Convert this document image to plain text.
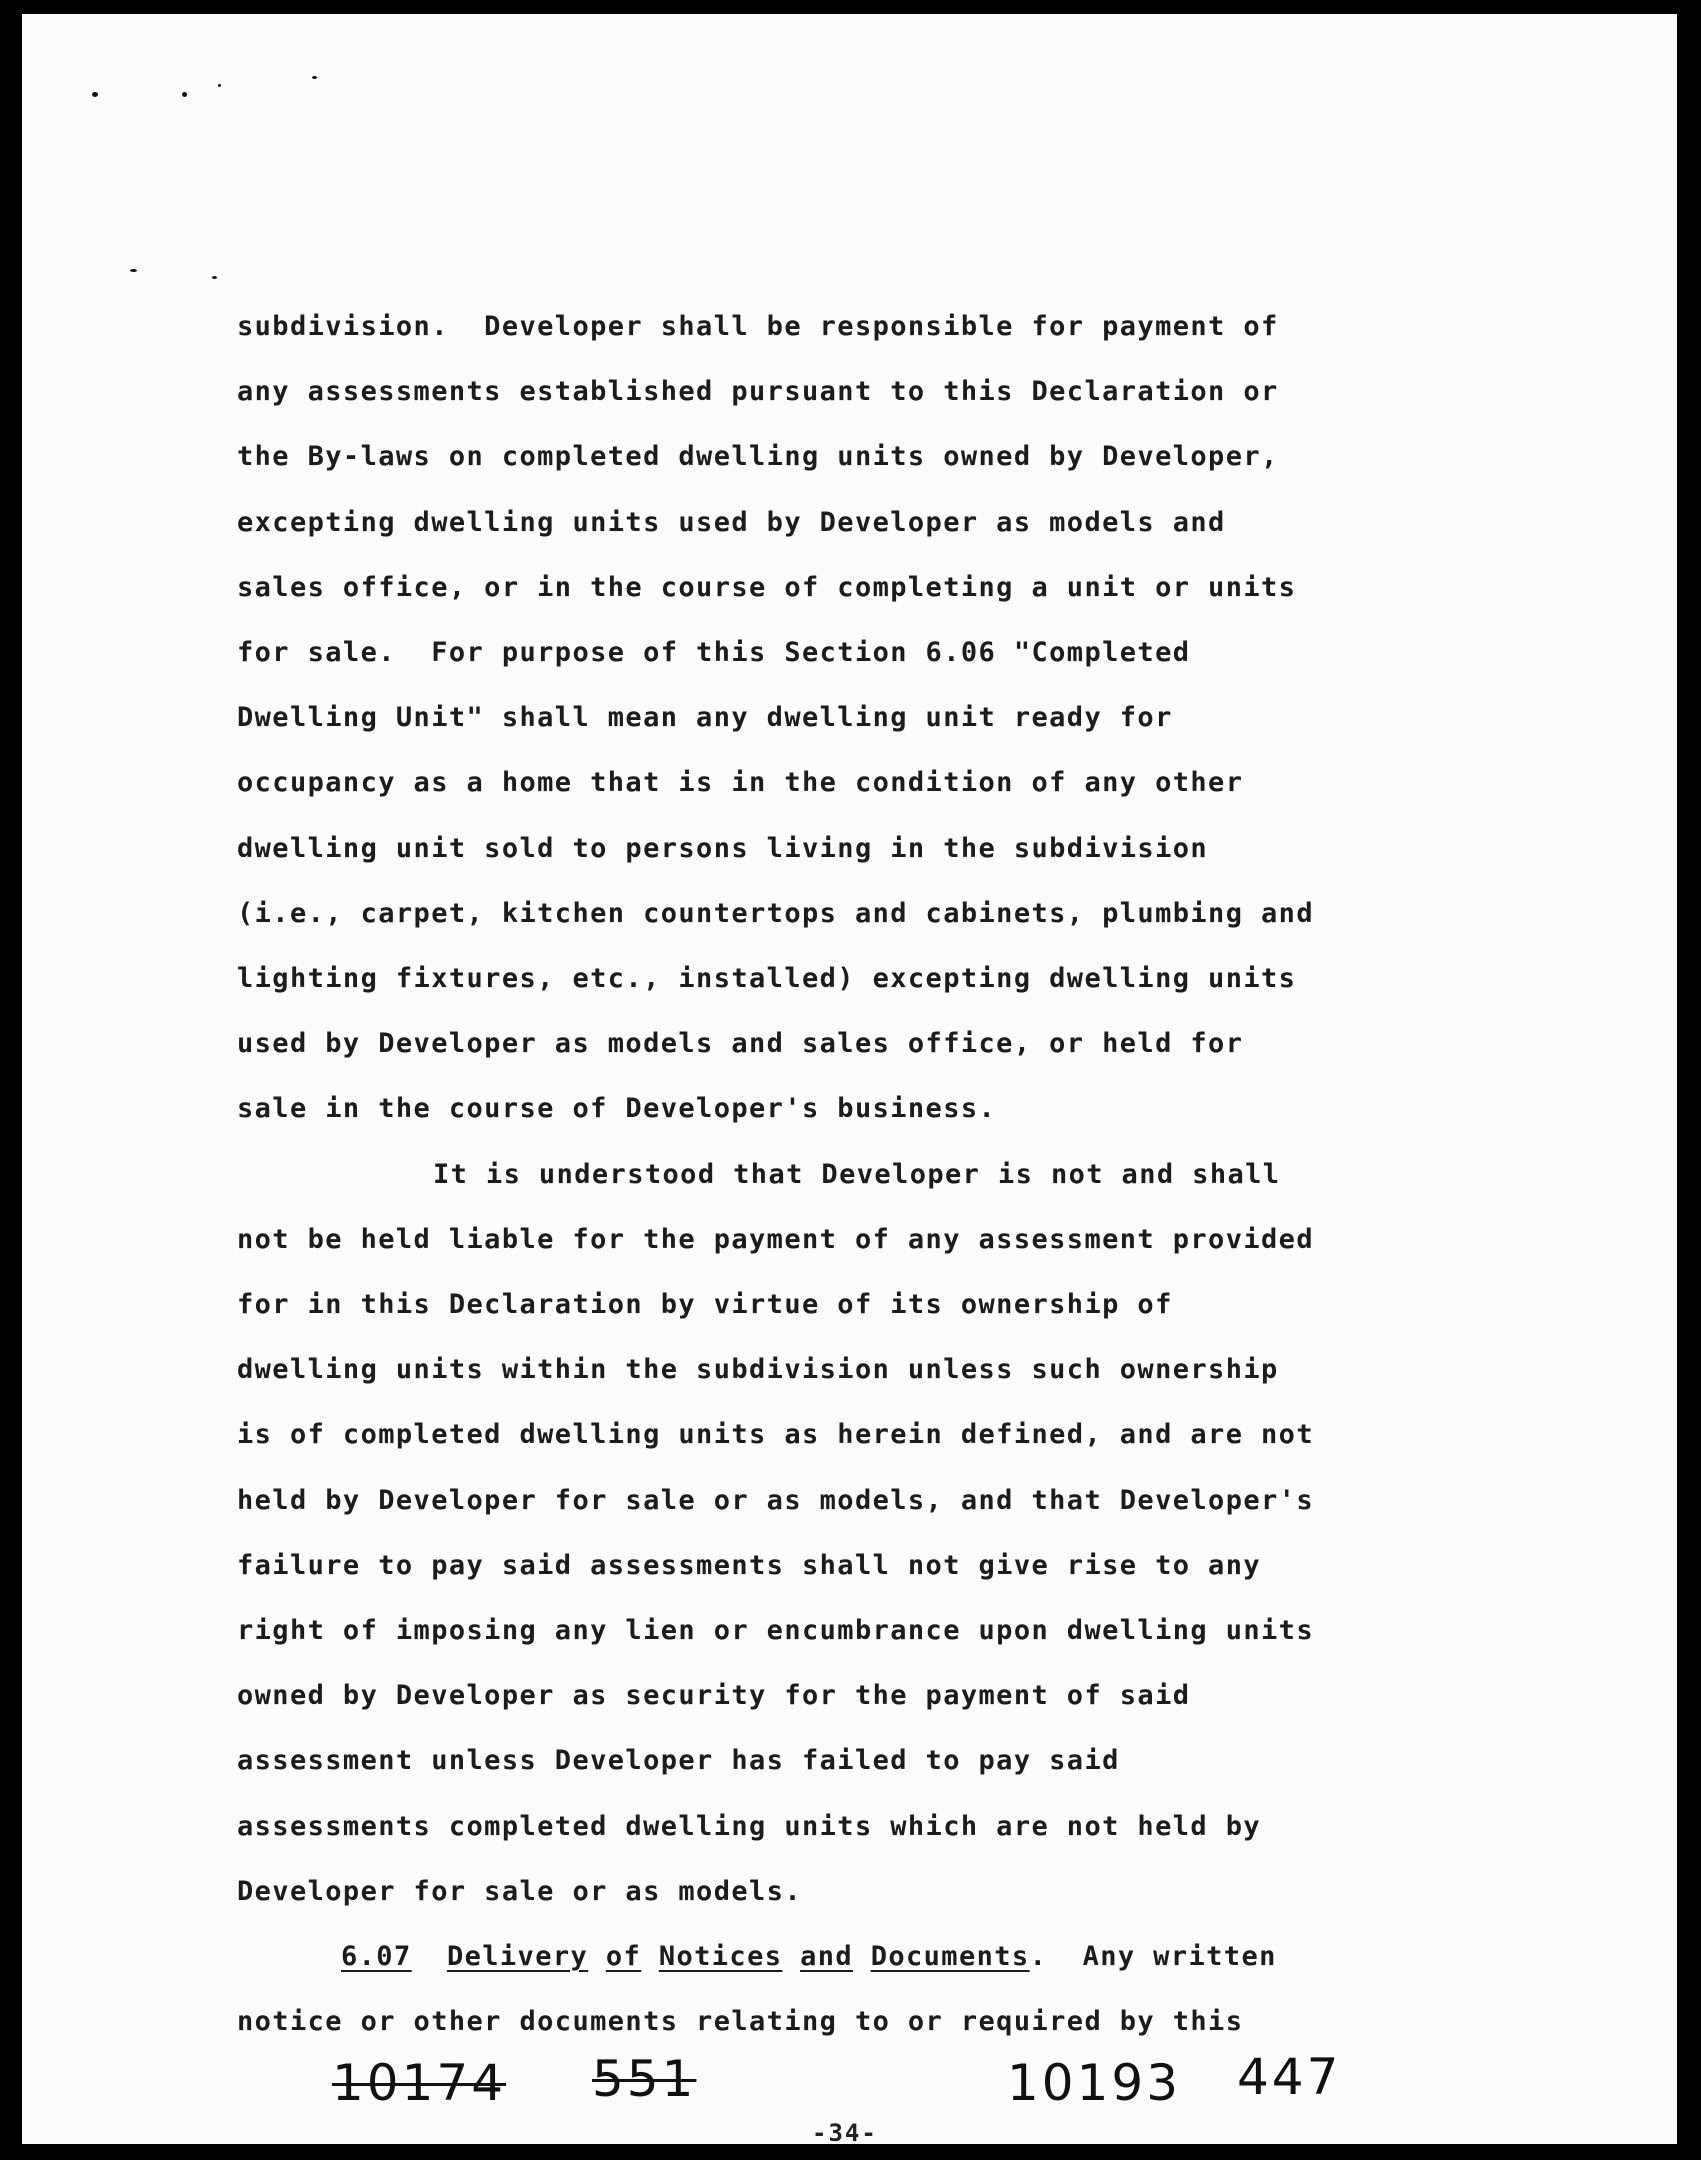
subdivision.  Developer shall be responsible for payment of
any assessments established pursuant to this Declaration or
the By-laws on completed dwelling units owned by Developer,
excepting dwelling units used by Developer as models and
sales office, or in the course of completing a unit or units
for sale.  For purpose of this Section 6.06 "Completed
Dwelling Unit" shall mean any dwelling unit ready for
occupancy as a home that is in the condition of any other
dwelling unit sold to persons living in the subdivision
(i.e., carpet, kitchen countertops and cabinets, plumbing and
lighting fixtures, etc., installed) excepting dwelling units
used by Developer as models and sales office, or held for
sale in the course of Developer's business.
It is understood that Developer is not and shall
not be held liable for the payment of any assessment provided
for in this Declaration by virtue of its ownership of
dwelling units within the subdivision unless such ownership
is of completed dwelling units as herein defined, and are not
held by Developer for sale or as models, and that Developer's
failure to pay said assessments shall not give rise to any
right of imposing any lien or encumbrance upon dwelling units
owned by Developer as security for the payment of said
assessment unless Developer has failed to pay said
assessments completed dwelling units which are not held by
Developer for sale or as models.
6.07 Delivery of Notices and Documents. Any written
notice or other documents relating to or required by this
10174 551	10193 447
-34-
